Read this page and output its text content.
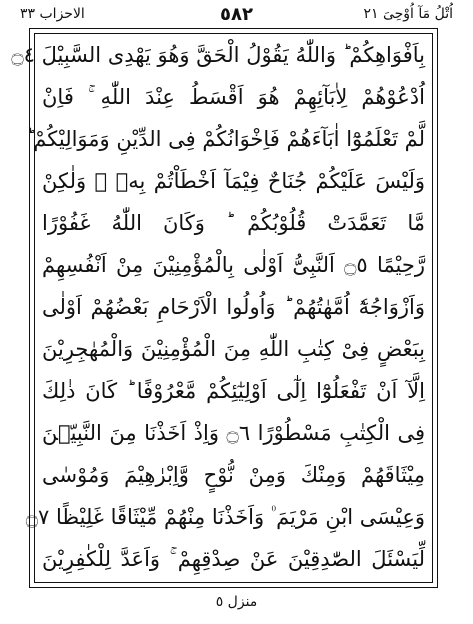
الاحزاب ٣٣	٥٨٢	اُتْلُ مَآ اُوْحِیَ ٢١
بِاَفْوَاهِكُمْ ؕ وَاللّٰهُ يَقُوْلُ الْحَقَّ وَهُوَ يَهْدِى السَّبِيْلَ ۝٤
اُدْعُوْهُمْ لِاٰبَآئِهِمْ هُوَ اَقْسَطُ عِنْدَ اللّٰهِ ۚ فَاِنْ
لَّمْ تَعْلَمُوْٓا اٰبَآءَهُمْ فَاِخْوَانُكُمْ فِى الدِّيْنِ وَمَوَالِيْكُمْ ؕ
وَلَيْسَ عَلَيْكُمْ جُنَاحٌ فِيْمَآ اَخْطَاْتُمْ بِهٖ ۙ وَلٰكِنْ
مَّا تَعَمَّدَتْ قُلُوْبُكُمْ ؕ وَكَانَ اللّٰهُ غَفُوْرًا
رَّحِيْمًا ۝٥ اَلنَّبِىُّ اَوْلٰى بِالْمُؤْمِنِيْنَ مِنْ اَنْفُسِهِمْ
وَاَزْوَاجُهٗٓ اُمَّهٰتُهُمْ ؕ وَاُولُوا الْاَرْحَامِ بَعْضُهُمْ اَوْلٰى
بِبَعْضٍ فِىْ كِتٰبِ اللّٰهِ مِنَ الْمُؤْمِنِيْنَ وَالْمُهٰجِرِيْنَ
اِلَّآ اَنْ تَفْعَلُوْٓا اِلٰٓى اَوْلِيٰٓئِكُمْ مَّعْرُوْفًا ؕ كَانَ ذٰلِكَ
فِى الْكِتٰبِ مَسْطُوْرًا ۝٦ وَاِذْ اَخَذْنَا مِنَ النَّبِيّٖنَ
مِيْثَاقَهُمْ وَمِنْكَ وَمِنْ نُّوْحٍ وَّاِبْرٰهِيْمَ وَمُوْسٰى
وَعِيْسَى ابْنِ مَرْيَمَ ۠ وَاَخَذْنَا مِنْهُمْ مِّيْثَاقًا غَلِيْظًا ۝٧
لِّيَسْئَلَ الصّٰدِقِيْنَ عَنْ صِدْقِهِمْ ۚ وَاَعَدَّ لِلْكٰفِرِيْنَ
منزل ٥
